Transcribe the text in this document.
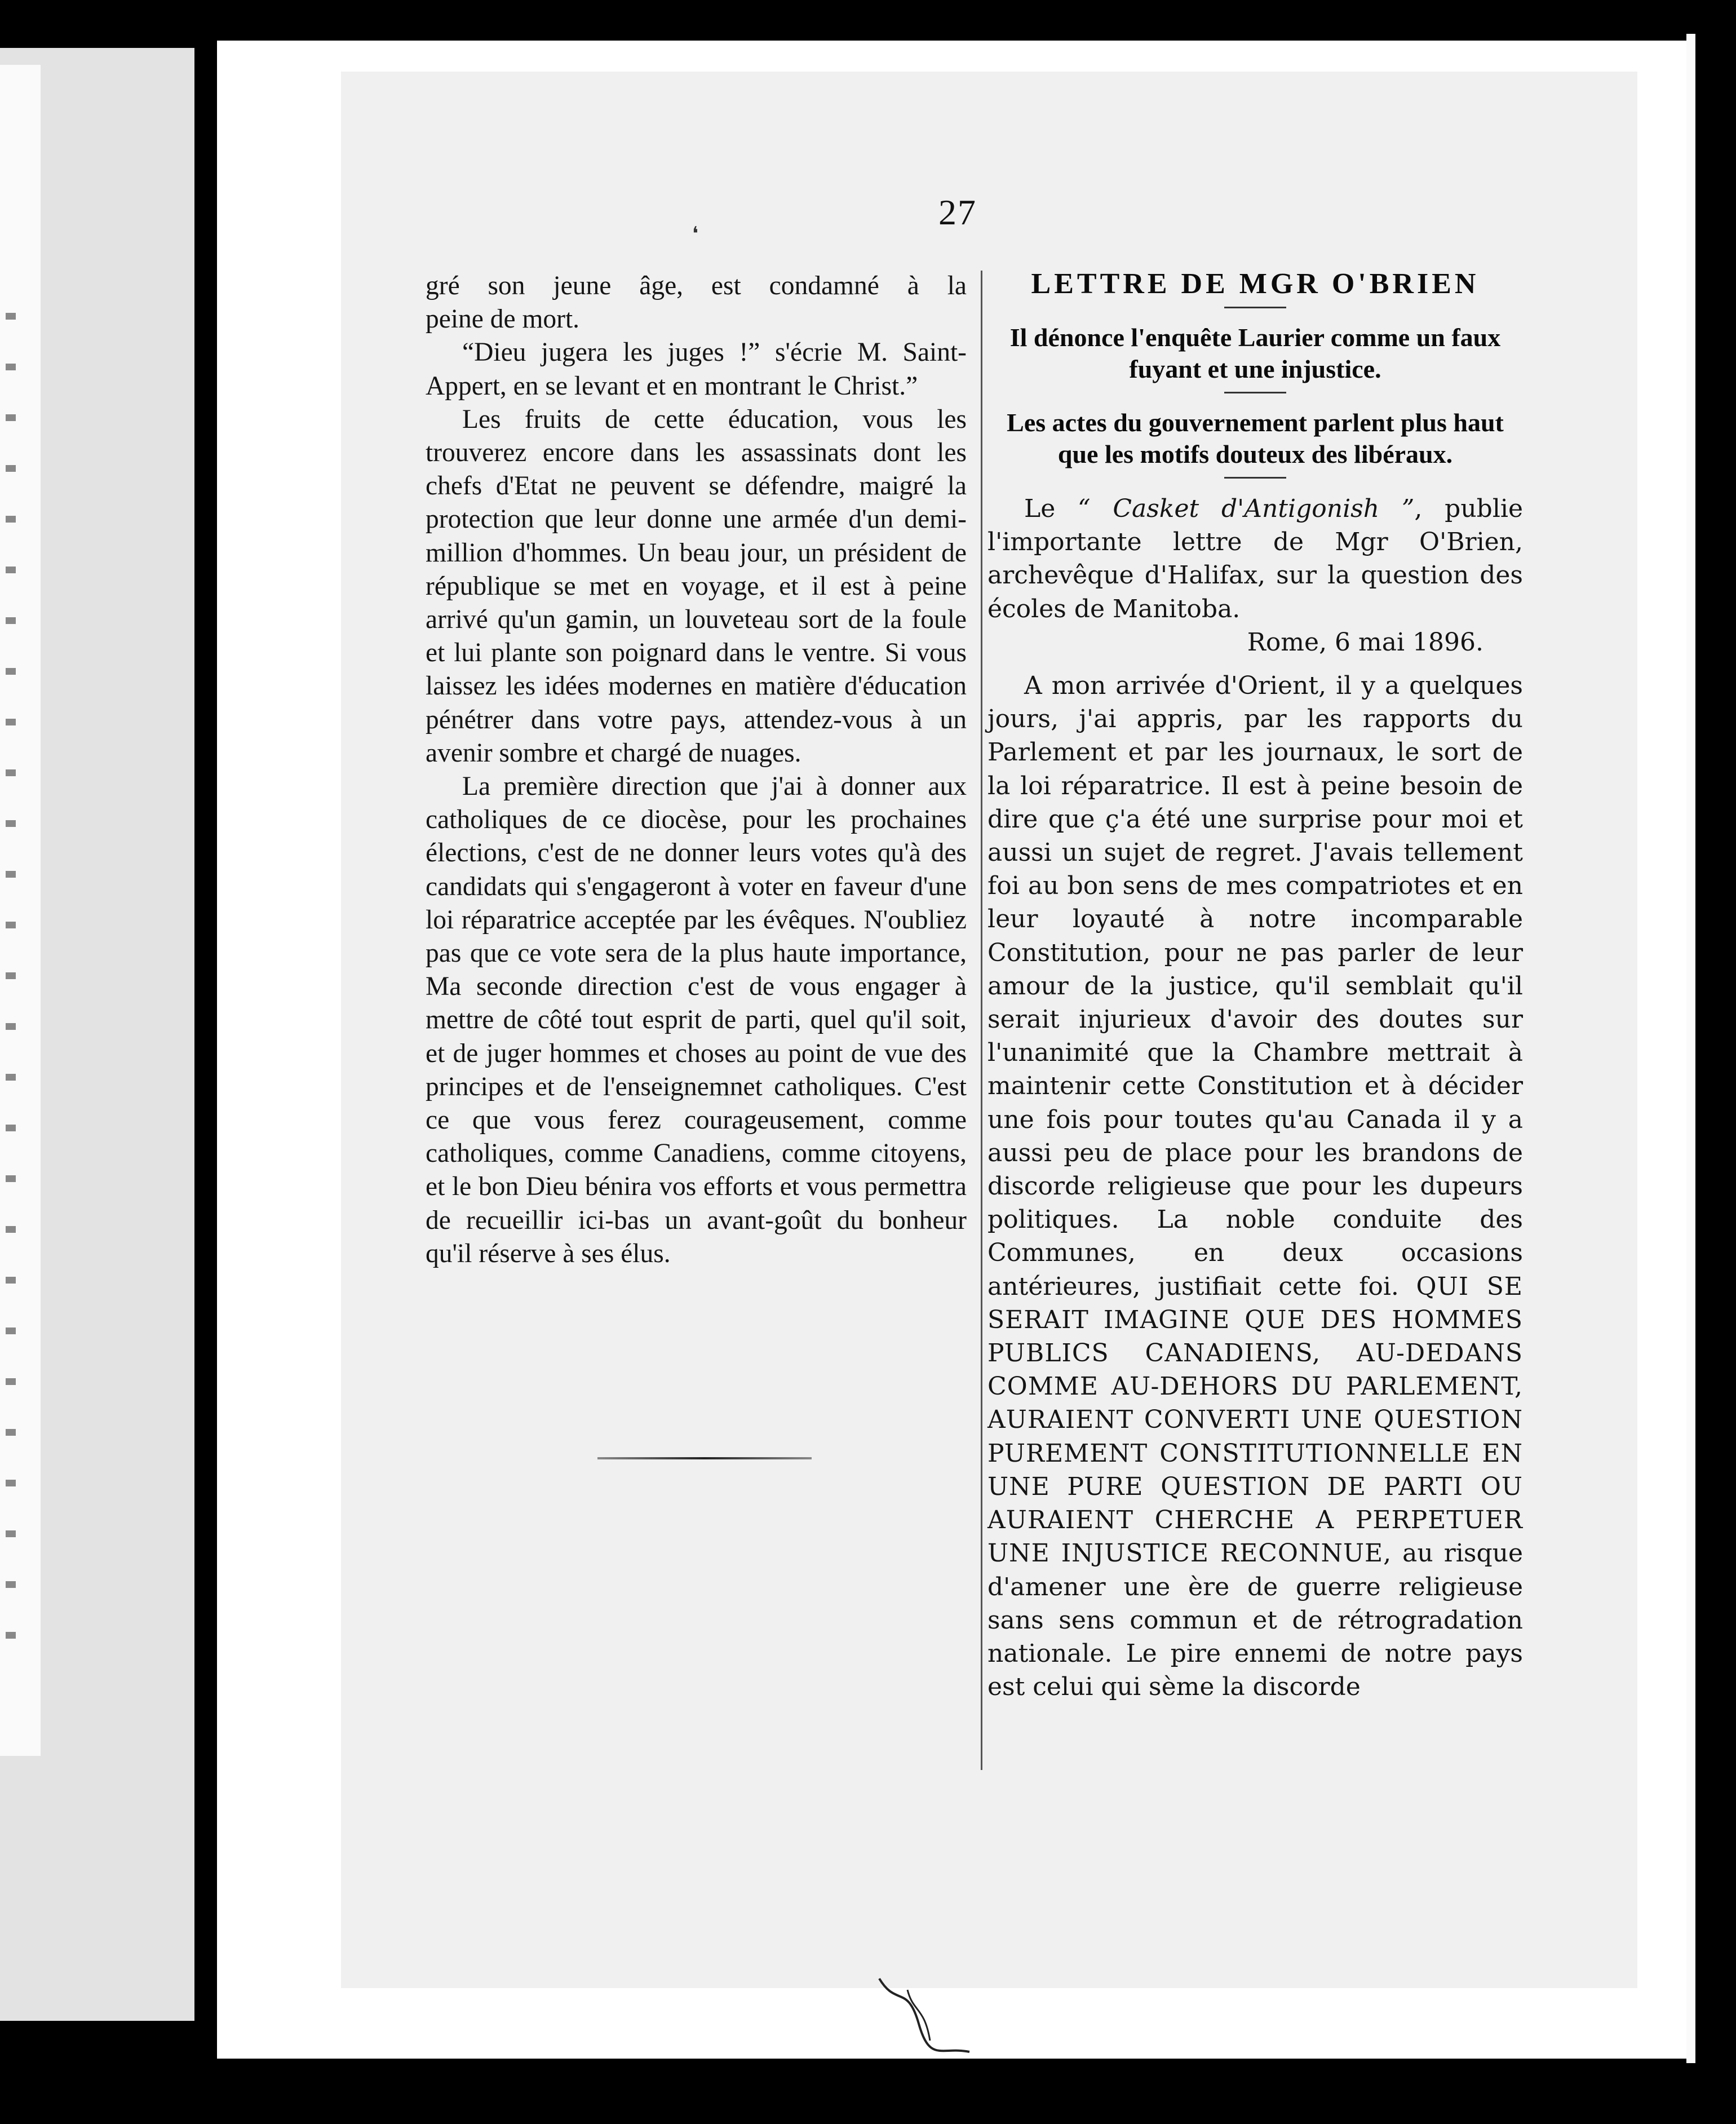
❛
27

gré son jeune âge, est condamné à la

peine de mort.

“Dieu jugera les juges !” s'écrie M. Saint-Appert, en se levant et en montrant le Christ.”

Les fruits de cette éducation, vous les trouverez encore dans les assassinats dont les chefs d'Etat ne peuvent se défendre, maigré la protection que leur donne une armée d'un demi-million d'hommes. Un beau jour, un président de république se met en voyage, et il est à peine arrivé qu'un gamin, un louveteau sort de la foule et lui plante son poignard dans le ventre. Si vous laissez les idées modernes en matière d'éducation pénétrer dans votre pays, attendez-vous à un avenir sombre et chargé de nuages.

La première direction que j'ai à donner aux catholiques de ce diocèse, pour les prochaines élections, c'est de ne donner leurs votes qu'à des candidats qui s'engageront à voter en faveur d'une loi réparatrice acceptée par les évêques. N'oubliez pas que ce vote sera de la plus haute importance, Ma seconde direction c'est de vous engager à mettre de côté tout esprit de parti, quel qu'il soit, et de juger hommes et choses au point de vue des principes et de l'enseignemnet catholiques. C'est ce que vous ferez courageusement, comme catholiques, comme Canadiens, comme citoyens, et le bon Dieu bénira vos efforts et vous permettra de recueillir ici-bas un avant-goût du bonheur qu'il réserve à ses élus.

LETTRE DE MGR O'BRIEN
Il dénonce l'enquête Laurier comme un faux fuyant et une injustice.
Les actes du gouvernement parlent plus haut que les motifs douteux des libéraux.

Le “ Casket d'Antigonish ”, publie l'importante lettre de Mgr O'Brien, archevêque d'Halifax, sur la question des écoles de Manitoba.

Rome, 6 mai 1896.

A mon arrivée d'Orient, il y a quelques jours, j'ai appris, par les rapports du Parlement et par les journaux, le sort de la loi réparatrice. Il est à peine besoin de dire que ç'a été une surprise pour moi et aussi un sujet de regret. J'avais tellement foi au bon sens de mes compatriotes et en leur loyauté à notre incomparable Constitution, pour ne pas parler de leur amour de la justice, qu'il semblait qu'il serait injurieux d'avoir des doutes sur l'unanimité que la Chambre mettrait à maintenir cette Constitution et à décider une fois pour toutes qu'au Canada il y a aussi peu de place pour les brandons de discorde religieuse que pour les dupeurs politiques. La noble conduite des Communes, en deux occasions antérieures, justifiait cette foi. QUI SE SERAIT IMAGINE QUE DES HOMMES PUBLICS CANADIENS, AU-DEDANS COMME AU-DEHORS DU PARLEMENT, AURAIENT CONVERTI UNE QUESTION PUREMENT CONSTITUTIONNELLE EN UNE PURE QUESTION DE PARTI OU AURAIENT CHERCHE A PERPETUER UNE INJUSTICE RECONNUE, au risque d'amener une ère de guerre religieuse sans sens commun et de rétrogradation nationale. Le pire ennemi de notre pays est celui qui sème la discorde
